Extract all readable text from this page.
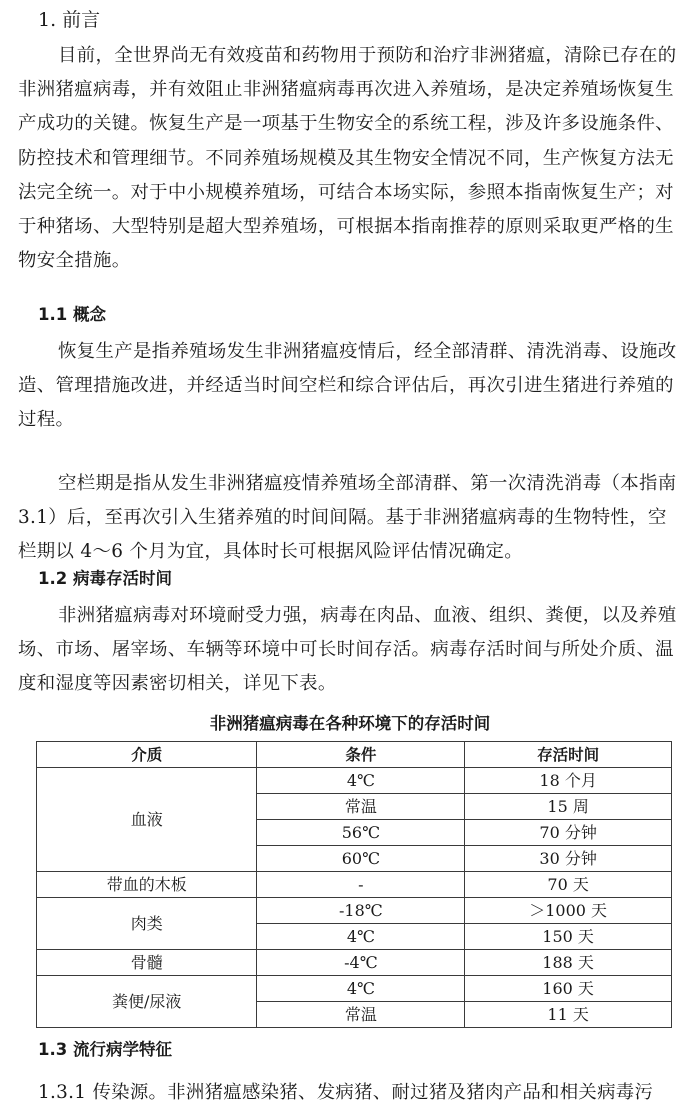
1. 前言
目前，全世界尚无有效疫苗和药物用于预防和治疗非洲猪瘟，清除已存在的
非洲猪瘟病毒，并有效阻止非洲猪瘟病毒再次进入养殖场，是决定养殖场恢复生
产成功的关键。恢复生产是一项基于生物安全的系统工程，涉及许多设施条件、
防控技术和管理细节。不同养殖场规模及其生物安全情况不同，生产恢复方法无
法完全统一。对于中小规模养殖场，可结合本场实际，参照本指南恢复生产；对
于种猪场、大型特别是超大型养殖场，可根据本指南推荐的原则采取更严格的生
物安全措施。
1.1 概念
恢复生产是指养殖场发生非洲猪瘟疫情后，经全部清群、清洗消毒、设施改
造、管理措施改进，并经适当时间空栏和综合评估后，再次引进生猪进行养殖的
过程。
空栏期是指从发生非洲猪瘟疫情养殖场全部清群、第一次清洗消毒（本指南
3.1）后，至再次引入生猪养殖的时间间隔。基于非洲猪瘟病毒的生物特性，空
栏期以 4～6 个月为宜，具体时长可根据风险评估情况确定。
1.2 病毒存活时间
非洲猪瘟病毒对环境耐受力强，病毒在肉品、血液、组织、粪便，以及养殖
场、市场、屠宰场、车辆等环境中可长时间存活。病毒存活时间与所处介质、温
度和湿度等因素密切相关，详见下表。
非洲猪瘟病毒在各种环境下的存活时间
介质	条件	存活时间
血液	4℃	18 个月
	常温	15 周
	56℃	70 分钟
	60℃	30 分钟
带血的木板	-	70 天
肉类	-18℃	＞1000 天
	4℃	150 天
骨髓	-4℃	188 天
粪便/尿液	4℃	160 天
	常温	11 天
1.3 流行病学特征
1.3.1 传染源。非洲猪瘟感染猪、发病猪、耐过猪及猪肉产品和相关病毒污
